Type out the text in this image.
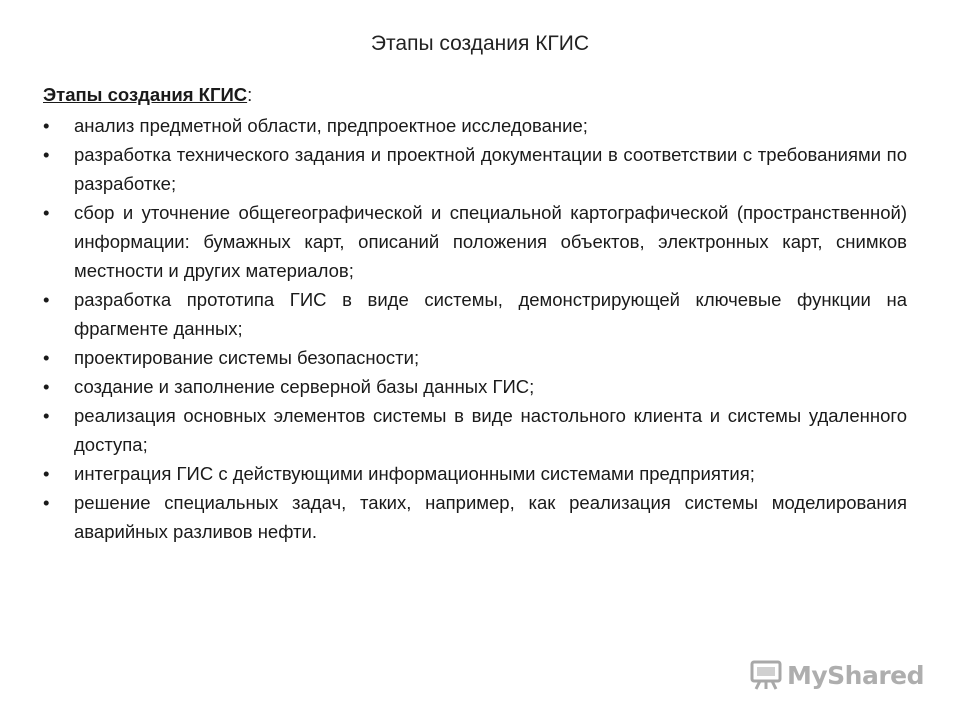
Этапы создания КГИС
Этапы создания КГИС:
• анализ предметной области, предпроектное исследование;
• разработка технического задания и проектной документации в соответствии с требованиями по разработке;
• сбор и уточнение общегеографической и специальной картографической (пространственной) информации: бумажных карт, описаний положения объектов, электронных карт, снимков местности и других материалов;
• разработка прототипа ГИС в виде системы, демонстрирующей ключевые функции на фрагменте данных;
• проектирование системы безопасности;
• создание и заполнение серверной базы данных ГИС;
• реализация основных элементов системы в виде настольного клиента и системы удаленного доступа;
• интеграция ГИС с действующими информационными системами предприятия;
• решение специальных задач, таких, например, как реализация системы моделирования аварийных разливов нефти.
MyShared
